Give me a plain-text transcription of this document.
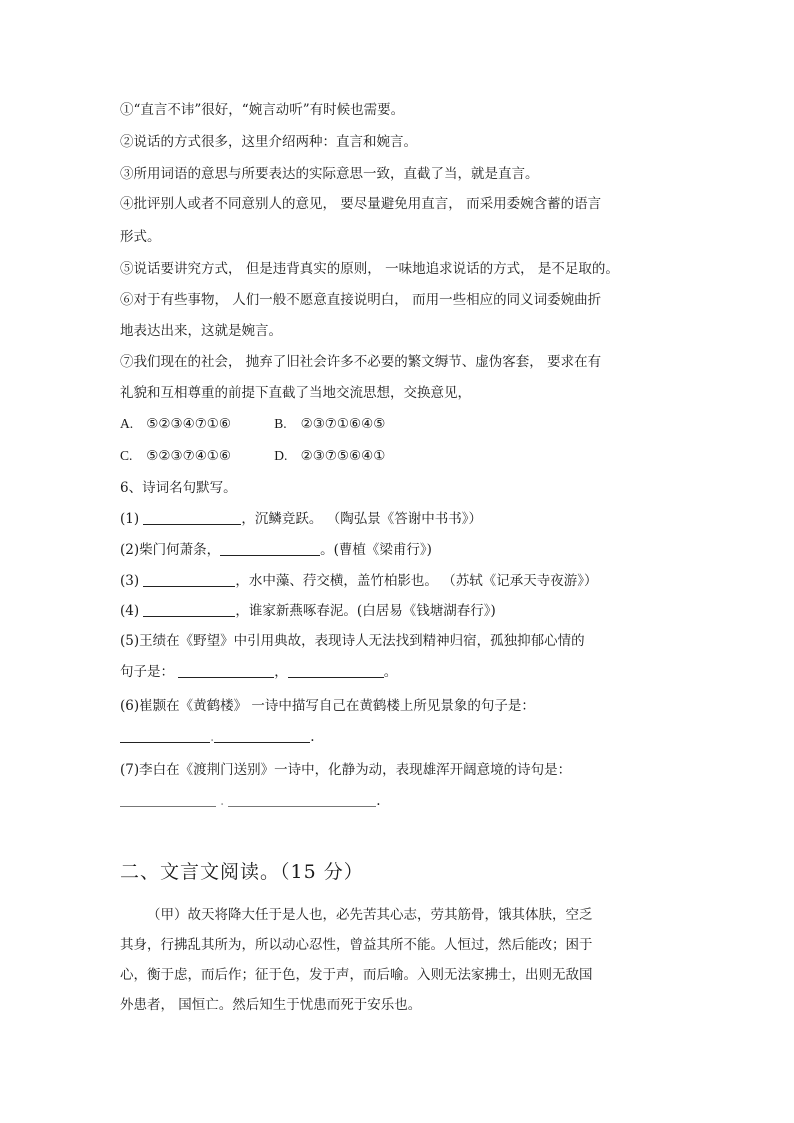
①“直言不讳”很好，“婉言动听”有时候也需要。
②说话的方式很多，这里介绍两种：直言和婉言。
③所用词语的意思与所要表达的实际意思一致，直截了当，就是直言。
④批评别人或者不同意别人的意见， 要尽量避免用直言， 而采用委婉含蓄的语言
形式。
⑤说话要讲究方式， 但是违背真实的原则， 一味地追求说话的方式， 是不足取的。
⑥对于有些事物， 人们一般不愿意直接说明白， 而用一些相应的同义词委婉曲折
地表达出来，这就是婉言。
⑦我们现在的社会， 抛弃了旧社会许多不必要的繁文缛节、虚伪客套， 要求在有
礼貌和互相尊重的前提下直截了当地交流思想，交换意见，
A. ⑤②③④⑦①⑥	B. ②③⑦①⑥④⑤
C. ⑤②③⑦④①⑥	D. ②③⑦⑤⑥④①
6、诗词名句默写。
(1)	，沉鳞竞跃。 （陶弘景《答谢中书书》）
(2)柴门何萧条，	。(曹植《梁甫行》)
(3)	，水中藻、荇交横，盖竹柏影也。 （苏轼《记承天寺夜游》）
(4)	，谁家新燕啄春泥。(白居易《钱塘湖春行》)
(5)王绩在《野望》中引用典故，表现诗人无法找到精神归宿，孤独抑郁心情的
句子是：	，	。
(6)崔颢在《黄鹤楼》 一诗中描写自己在黄鹤楼上所见景象的句子是：
.	.
(7)李白在《渡荆门送别》一诗中，化静为动，表现雄浑开阔意境的诗句是：
.	.
二、文言文阅读。（15 分）

（甲）故天将降大任于是人也，必先苦其心志，劳其筋骨，饿其体肤，空乏

其身，行拂乱其所为，所以动心忍性，曾益其所不能。人恒过，然后能改；困于

心，衡于虑，而后作；征于色，发于声，而后喻。入则无法家拂士，出则无敌国

外患者， 国恒亡。然后知生于忧患而死于安乐也。
